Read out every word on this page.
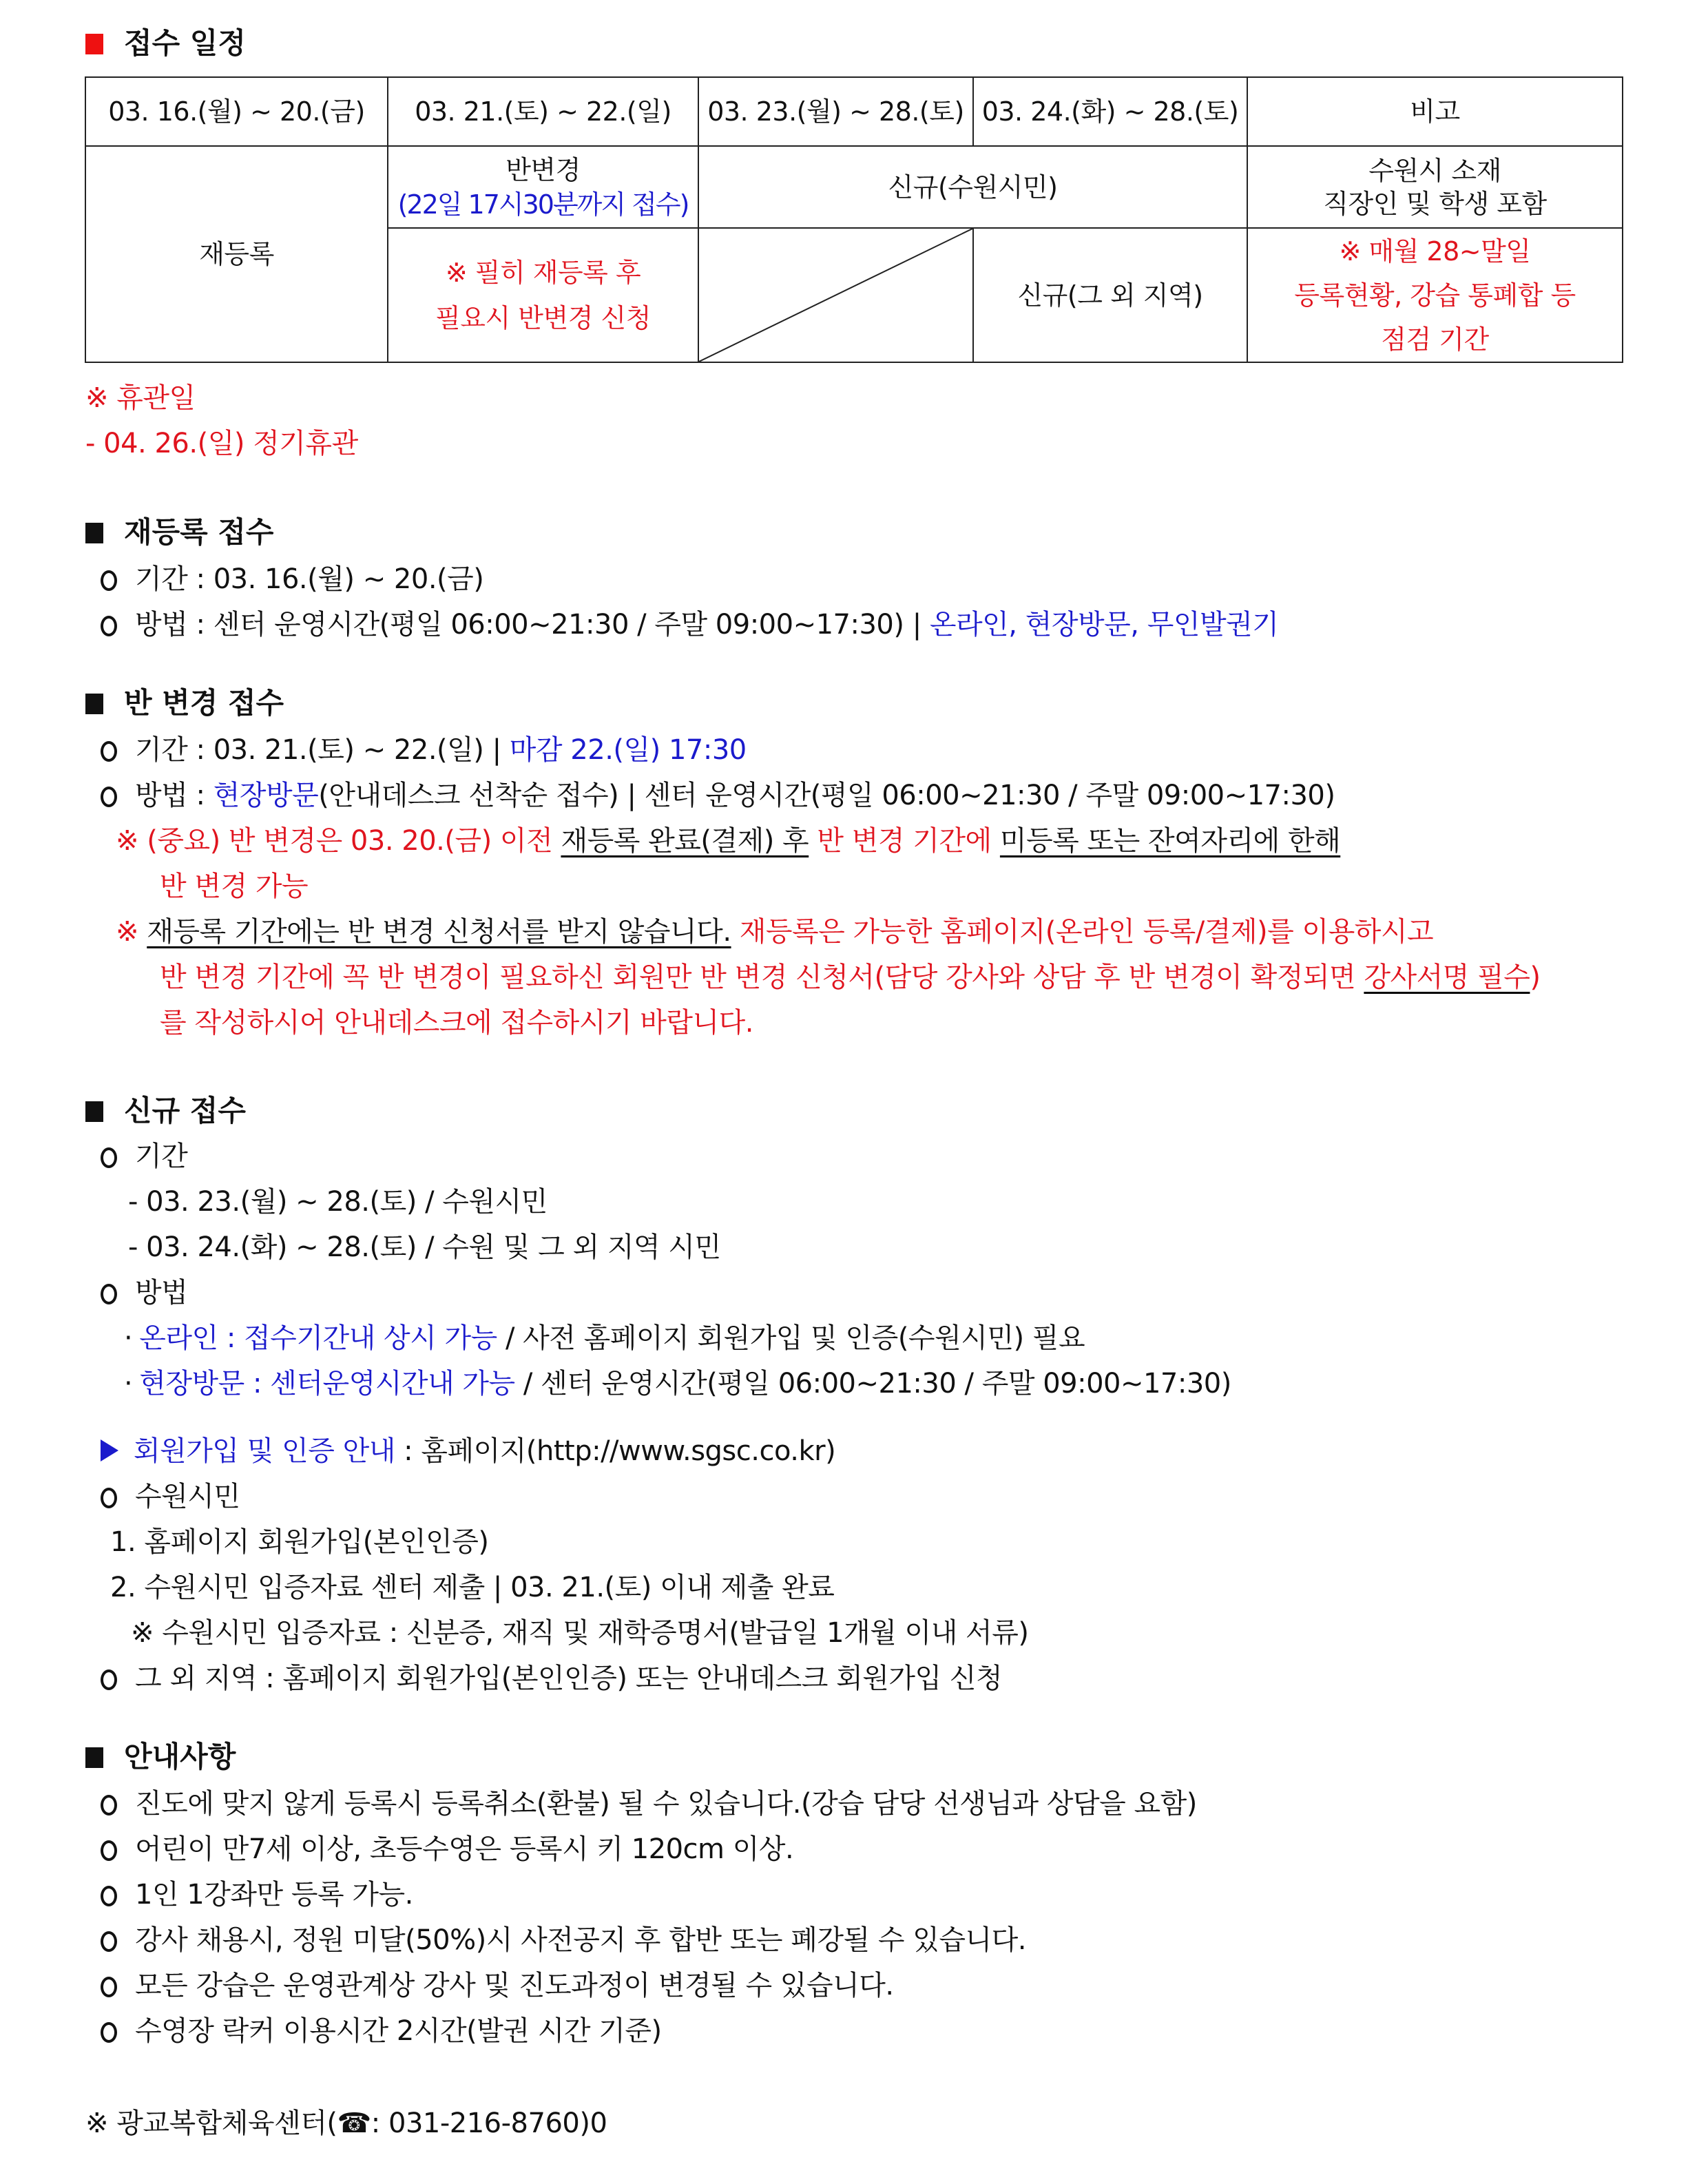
접수 일정
03. 16.(월) ~ 20.(금) 03. 21.(토) ~ 22.(일) 03. 23.(월) ~ 28.(토) 03. 24.(화) ~ 28.(토)	비고
재등록
반변경
(22일 17시30분까지 접수)
※ 필히 재등록 후
필요시 반변경 신청
신규(수원시민)
신규(그 외 지역)
수원시 소재
직장인 및 학생 포함
※ 매월 28~말일
등록현황, 강습 통폐합 등
점검 기간
※ 휴관일
- 04. 26.(일) 정기휴관
재등록 접수
기간 : 03. 16.(월) ~ 20.(금)
방법 : 센터 운영시간(평일 06:00~21:30 / 주말 09:00~17:30) | 온라인, 현장방문, 무인발권기
반 변경 접수
기간 : 03. 21.(토) ~ 22.(일) | 마감 22.(일) 17:30
방법 : 현장방문(안내데스크 선착순 접수) | 센터 운영시간(평일 06:00~21:30 / 주말 09:00~17:30)
※ (중요) 반 변경은 03. 20.(금) 이전 재등록 완료(결제) 후 반 변경 기간에 미등록 또는 잔여자리에 한해
반 변경 가능
※ 재등록 기간에는 반 변경 신청서를 받지 않습니다. 재등록은 가능한 홈페이지(온라인 등록/결제)를 이용하시고
반 변경 기간에 꼭 반 변경이 필요하신 회원만 반 변경 신청서(담당 강사와 상담 후 반 변경이 확정되면 강사서명 필수)
를 작성하시어 안내데스크에 접수하시기 바랍니다.
신규 접수
기간
- 03. 23.(월) ~ 28.(토) / 수원시민
- 03. 24.(화) ~ 28.(토) / 수원 및 그 외 지역 시민
방법
· 온라인 : 접수기간내 상시 가능 / 사전 홈페이지 회원가입 및 인증(수원시민) 필요
· 현장방문 : 센터운영시간내 가능 / 센터 운영시간(평일 06:00~21:30 / 주말 09:00~17:30)
회원가입 및 인증 안내 : 홈페이지(http://www.sgsc.co.kr)
수원시민
1. 홈페이지 회원가입(본인인증)
2. 수원시민 입증자료 센터 제출 | 03. 21.(토) 이내 제출 완료
※ 수원시민 입증자료 : 신분증, 재직 및 재학증명서(발급일 1개월 이내 서류)
그 외 지역 : 홈페이지 회원가입(본인인증) 또는 안내데스크 회원가입 신청
안내사항
진도에 맞지 않게 등록시 등록취소(환불) 될 수 있습니다.(강습 담당 선생님과 상담을 요함)
어린이 만7세 이상, 초등수영은 등록시 키 120cm 이상.
1인 1강좌만 등록 가능.
강사 채용시, 정원 미달(50%)시 사전공지 후 합반 또는 폐강될 수 있습니다.
모든 강습은 운영관계상 강사 및 진도과정이 변경될 수 있습니다.
수영장 락커 이용시간 2시간(발권 시간 기준)
※ 광교복합체육센터(☎: 031-216-8760)0
